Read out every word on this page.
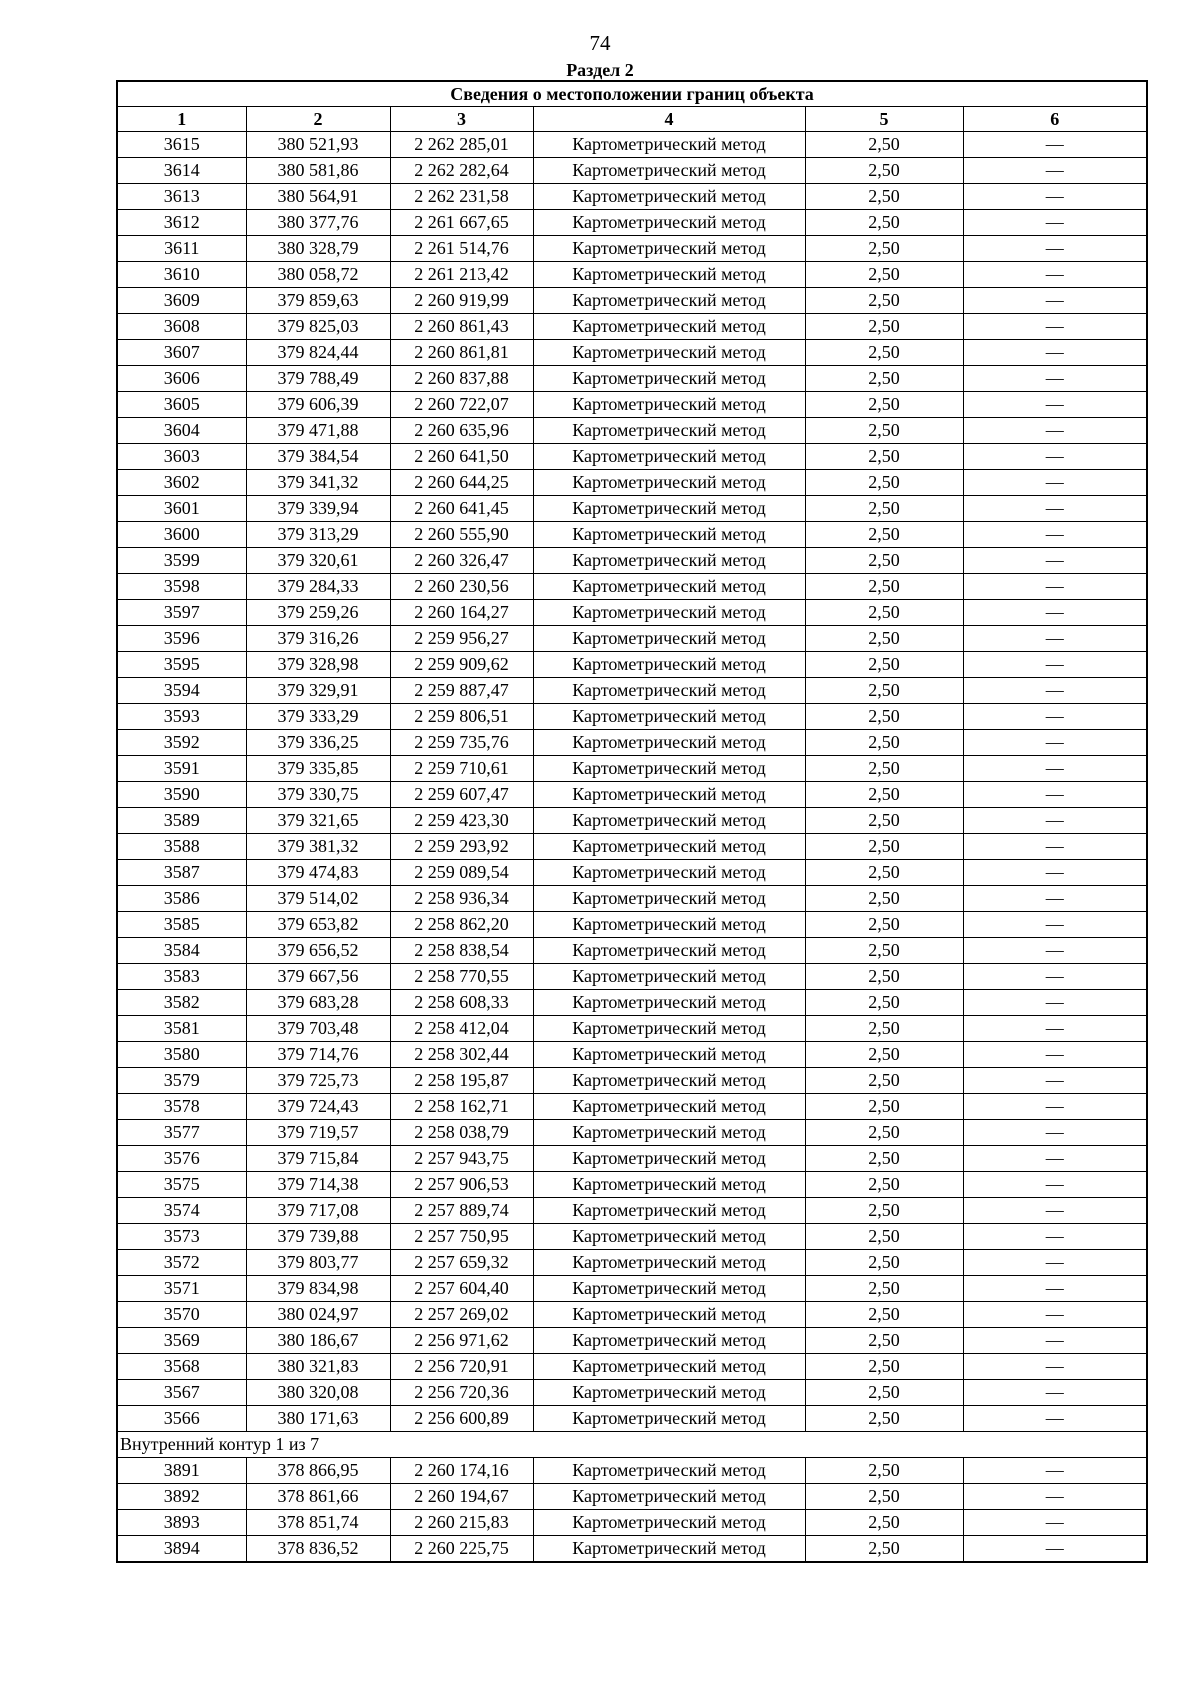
74
Раздел 2
Сведения о местоположении границ объекта					
1	2	3	4	5	6
3615	380 521,93	2 262 285,01	Картометрический метод	2,50	—
3614	380 581,86	2 262 282,64	Картометрический метод	2,50	—
3613	380 564,91	2 262 231,58	Картометрический метод	2,50	—
3612	380 377,76	2 261 667,65	Картометрический метод	2,50	—
3611	380 328,79	2 261 514,76	Картометрический метод	2,50	—
3610	380 058,72	2 261 213,42	Картометрический метод	2,50	—
3609	379 859,63	2 260 919,99	Картометрический метод	2,50	—
3608	379 825,03	2 260 861,43	Картометрический метод	2,50	—
3607	379 824,44	2 260 861,81	Картометрический метод	2,50	—
3606	379 788,49	2 260 837,88	Картометрический метод	2,50	—
3605	379 606,39	2 260 722,07	Картометрический метод	2,50	—
3604	379 471,88	2 260 635,96	Картометрический метод	2,50	—
3603	379 384,54	2 260 641,50	Картометрический метод	2,50	—
3602	379 341,32	2 260 644,25	Картометрический метод	2,50	—
3601	379 339,94	2 260 641,45	Картометрический метод	2,50	—
3600	379 313,29	2 260 555,90	Картометрический метод	2,50	—
3599	379 320,61	2 260 326,47	Картометрический метод	2,50	—
3598	379 284,33	2 260 230,56	Картометрический метод	2,50	—
3597	379 259,26	2 260 164,27	Картометрический метод	2,50	—
3596	379 316,26	2 259 956,27	Картометрический метод	2,50	—
3595	379 328,98	2 259 909,62	Картометрический метод	2,50	—
3594	379 329,91	2 259 887,47	Картометрический метод	2,50	—
3593	379 333,29	2 259 806,51	Картометрический метод	2,50	—
3592	379 336,25	2 259 735,76	Картометрический метод	2,50	—
3591	379 335,85	2 259 710,61	Картометрический метод	2,50	—
3590	379 330,75	2 259 607,47	Картометрический метод	2,50	—
3589	379 321,65	2 259 423,30	Картометрический метод	2,50	—
3588	379 381,32	2 259 293,92	Картометрический метод	2,50	—
3587	379 474,83	2 259 089,54	Картометрический метод	2,50	—
3586	379 514,02	2 258 936,34	Картометрический метод	2,50	—
3585	379 653,82	2 258 862,20	Картометрический метод	2,50	—
3584	379 656,52	2 258 838,54	Картометрический метод	2,50	—
3583	379 667,56	2 258 770,55	Картометрический метод	2,50	—
3582	379 683,28	2 258 608,33	Картометрический метод	2,50	—
3581	379 703,48	2 258 412,04	Картометрический метод	2,50	—
3580	379 714,76	2 258 302,44	Картометрический метод	2,50	—
3579	379 725,73	2 258 195,87	Картометрический метод	2,50	—
3578	379 724,43	2 258 162,71	Картометрический метод	2,50	—
3577	379 719,57	2 258 038,79	Картометрический метод	2,50	—
3576	379 715,84	2 257 943,75	Картометрический метод	2,50	—
3575	379 714,38	2 257 906,53	Картометрический метод	2,50	—
3574	379 717,08	2 257 889,74	Картометрический метод	2,50	—
3573	379 739,88	2 257 750,95	Картометрический метод	2,50	—
3572	379 803,77	2 257 659,32	Картометрический метод	2,50	—
3571	379 834,98	2 257 604,40	Картометрический метод	2,50	—
3570	380 024,97	2 257 269,02	Картометрический метод	2,50	—
3569	380 186,67	2 256 971,62	Картометрический метод	2,50	—
3568	380 321,83	2 256 720,91	Картометрический метод	2,50	—
3567	380 320,08	2 256 720,36	Картометрический метод	2,50	—
3566	380 171,63	2 256 600,89	Картометрический метод	2,50	—
Внутренний контур 1 из 7					
3891	378 866,95	2 260 174,16	Картометрический метод	2,50	—
3892	378 861,66	2 260 194,67	Картометрический метод	2,50	—
3893	378 851,74	2 260 215,83	Картометрический метод	2,50	—
3894	378 836,52	2 260 225,75	Картометрический метод	2,50	—
